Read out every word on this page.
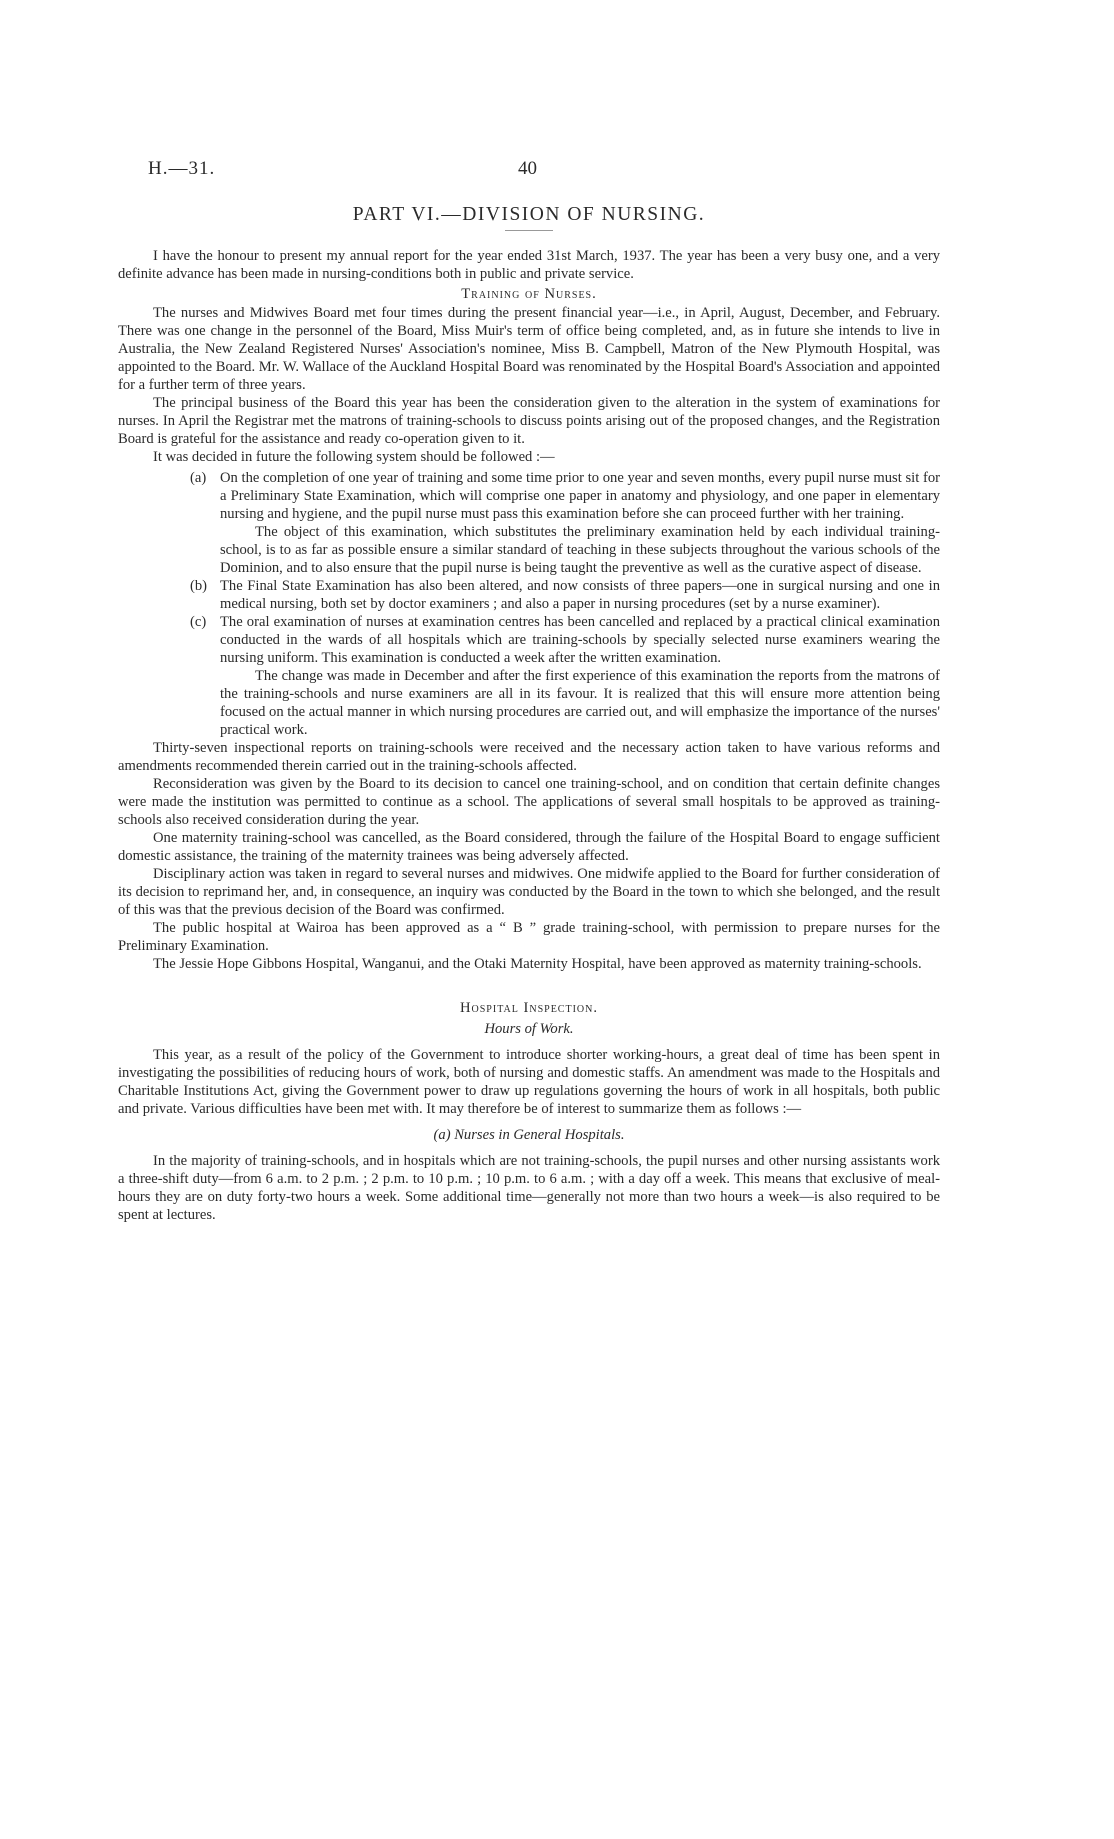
H.—31.	40
PART VI.—DIVISION OF NURSING.

I have the honour to present my annual report for the year ended 31st March, 1937. The year has been a very busy one, and a very definite advance has been made in nursing-conditions both in public and private service.

Training of Nurses.

The nurses and Midwives Board met four times during the present financial year—i.e., in April, August, December, and February. There was one change in the personnel of the Board, Miss Muir's term of office being completed, and, as in future she intends to live in Australia, the New Zealand Registered Nurses' Association's nominee, Miss B. Campbell, Matron of the New Plymouth Hospital, was appointed to the Board. Mr. W. Wallace of the Auckland Hospital Board was renominated by the Hospital Board's Association and appointed for a further term of three years.

The principal business of the Board this year has been the consideration given to the alteration in the system of examinations for nurses. In April the Registrar met the matrons of training-schools to discuss points arising out of the proposed changes, and the Registration Board is grateful for the assistance and ready co-operation given to it.

It was decided in future the following system should be followed :—

(a) On the completion of one year of training and some time prior to one year and seven months, every pupil nurse must sit for a Preliminary State Examination, which will comprise one paper in anatomy and physiology, and one paper in elementary nursing and hygiene, and the pupil nurse must pass this examination before she can proceed further with her training.

The object of this examination, which substitutes the preliminary examination held by each individual training-school, is to as far as possible ensure a similar standard of teaching in these subjects throughout the various schools of the Dominion, and to also ensure that the pupil nurse is being taught the preventive as well as the curative aspect of disease.

(b) The Final State Examination has also been altered, and now consists of three papers—one in surgical nursing and one in medical nursing, both set by doctor examiners ; and also a paper in nursing procedures (set by a nurse examiner).

(c) The oral examination of nurses at examination centres has been cancelled and replaced by a practical clinical examination conducted in the wards of all hospitals which are training-schools by specially selected nurse examiners wearing the nursing uniform. This examination is conducted a week after the written examination.

The change was made in December and after the first experience of this examination the reports from the matrons of the training-schools and nurse examiners are all in its favour. It is realized that this will ensure more attention being focused on the actual manner in which nursing procedures are carried out, and will emphasize the importance of the nurses' practical work.

Thirty-seven inspectional reports on training-schools were received and the necessary action taken to have various reforms and amendments recommended therein carried out in the training-schools affected.

Reconsideration was given by the Board to its decision to cancel one training-school, and on condition that certain definite changes were made the institution was permitted to continue as a school. The applications of several small hospitals to be approved as training-schools also received consideration during the year.

One maternity training-school was cancelled, as the Board considered, through the failure of the Hospital Board to engage sufficient domestic assistance, the training of the maternity trainees was being adversely affected.

Disciplinary action was taken in regard to several nurses and midwives. One midwife applied to the Board for further consideration of its decision to reprimand her, and, in consequence, an inquiry was conducted by the Board in the town to which she belonged, and the result of this was that the previous decision of the Board was confirmed.

The public hospital at Wairoa has been approved as a “ B ” grade training-school, with permission to prepare nurses for the Preliminary Examination.

The Jessie Hope Gibbons Hospital, Wanganui, and the Otaki Maternity Hospital, have been approved as maternity training-schools.

Hospital Inspection.
Hours of Work.

This year, as a result of the policy of the Government to introduce shorter working-hours, a great deal of time has been spent in investigating the possibilities of reducing hours of work, both of nursing and domestic staffs. An amendment was made to the Hospitals and Charitable Institutions Act, giving the Government power to draw up regulations governing the hours of work in all hospitals, both public and private. Various difficulties have been met with. It may therefore be of interest to summarize them as follows :—

(a) Nurses in General Hospitals.

In the majority of training-schools, and in hospitals which are not training-schools, the pupil nurses and other nursing assistants work a three-shift duty—from 6 a.m. to 2 p.m. ; 2 p.m. to 10 p.m. ; 10 p.m. to 6 a.m. ; with a day off a week. This means that exclusive of meal-hours they are on duty forty-two hours a week. Some additional time—generally not more than two hours a week—is also required to be spent at lectures.
